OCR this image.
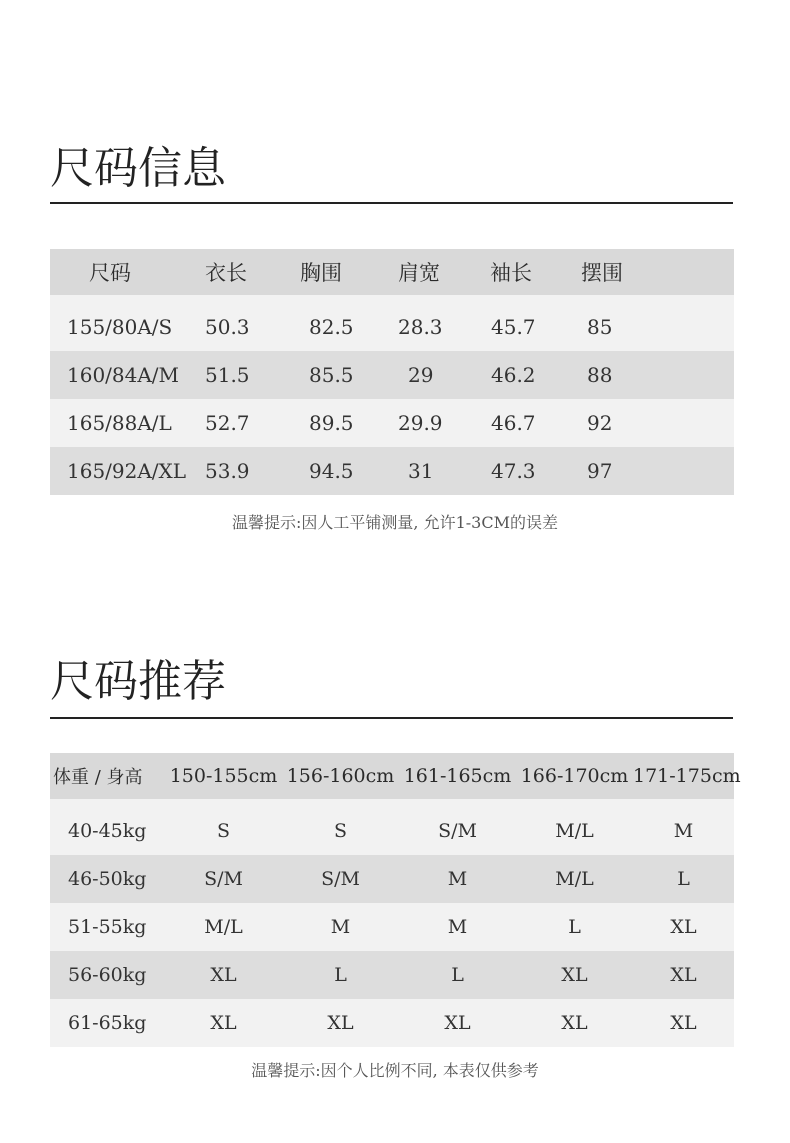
尺码信息
尺码	衣长	胸围	肩宽	袖长	摆围	

155/80A/S	50.3	82.5	28.3	45.7	85	
160/84A/M	51.5	85.5	29	46.2	88	
165/88A/L	52.7	89.5	29.9	46.7	92	
165/92A/XL	53.9	94.5	31	47.3	97	

温馨提示:因人工平铺测量, 允许1-3CM的误差

尺码推荐
体重 / 身高	150-155cm	156-160cm	161-165cm	166-170cm	171-175cm

40-45kg	S	S	S/M	M/L	M
46-50kg	S/M	S/M	M	M/L	L
51-55kg	M/L	M	M	L	XL
56-60kg	XL	L	L	XL	XL
61-65kg	XL	XL	XL	XL	XL

温馨提示:因个人比例不同, 本表仅供参考
